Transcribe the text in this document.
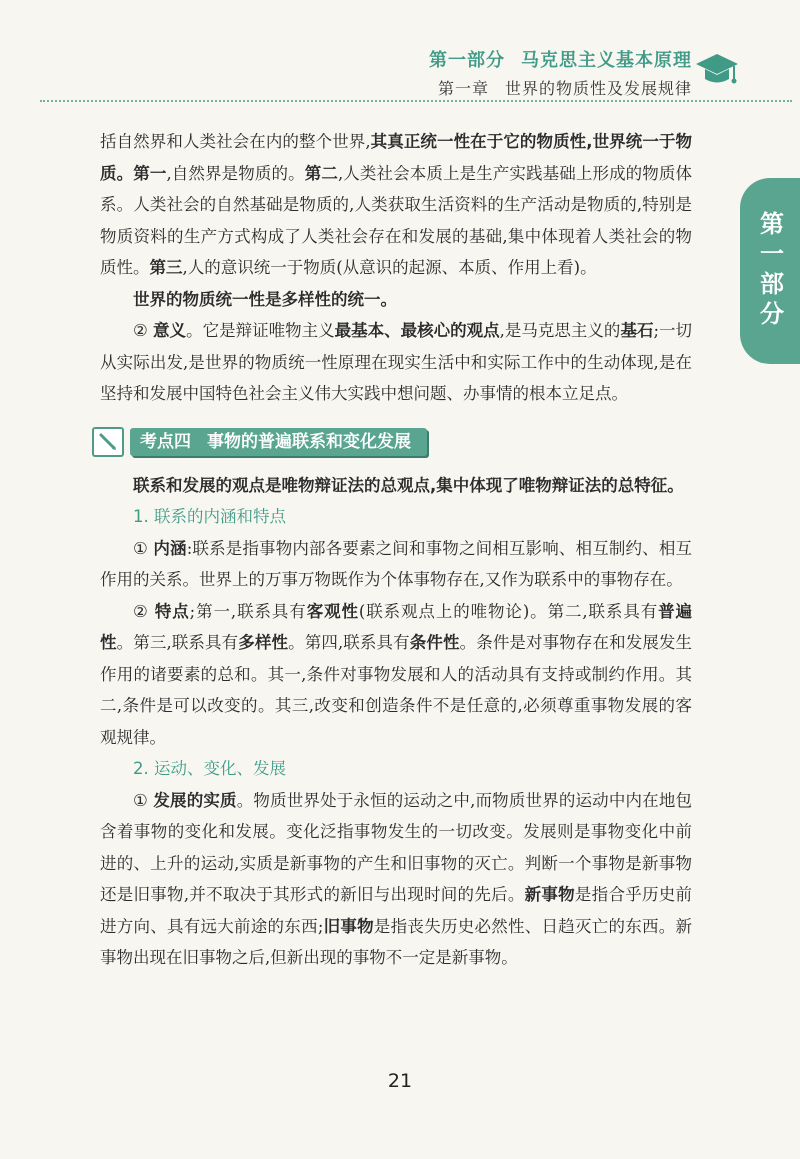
第一部分 马克思主义基本原理
第一章 世界的物质性及发展规律
第一部分

括自然界和人类社会在内的整个世界,其真正统一性在于它的物质性,世界统一于物质。第一,自然界是物质的。第二,人类社会本质上是生产实践基础上形成的物质体系。人类社会的自然基础是物质的,人类获取生活资料的生产活动是物质的,特别是物质资料的生产方式构成了人类社会存在和发展的基础,集中体现着人类社会的物质性。第三,人的意识统一于物质(从意识的起源、本质、作用上看)。

世界的物质统一性是多样性的统一。

② 意义。它是辩证唯物主义最基本、最核心的观点,是马克思主义的基石;一切从实际出发,是世界的物质统一性原理在现实生活中和实际工作中的生动体现,是在坚持和发展中国特色社会主义伟大实践中想问题、办事情的根本立足点。

考点四 事物的普遍联系和变化发展

联系和发展的观点是唯物辩证法的总观点,集中体现了唯物辩证法的总特征。

1. 联系的内涵和特点

① 内涵:联系是指事物内部各要素之间和事物之间相互影响、相互制约、相互作用的关系。世界上的万事万物既作为个体事物存在,又作为联系中的事物存在。

② 特点;第一,联系具有客观性(联系观点上的唯物论)。第二,联系具有普遍性。第三,联系具有多样性。第四,联系具有条件性。条件是对事物存在和发展发生作用的诸要素的总和。其一,条件对事物发展和人的活动具有支持或制约作用。其二,条件是可以改变的。其三,改变和创造条件不是任意的,必须尊重事物发展的客观规律。

2. 运动、变化、发展

① 发展的实质。物质世界处于永恒的运动之中,而物质世界的运动中内在地包含着事物的变化和发展。变化泛指事物发生的一切改变。发展则是事物变化中前进的、上升的运动,实质是新事物的产生和旧事物的灭亡。判断一个事物是新事物还是旧事物,并不取决于其形式的新旧与出现时间的先后。新事物是指合乎历史前进方向、具有远大前途的东西;旧事物是指丧失历史必然性、日趋灭亡的东西。新事物出现在旧事物之后,但新出现的事物不一定是新事物。

21
